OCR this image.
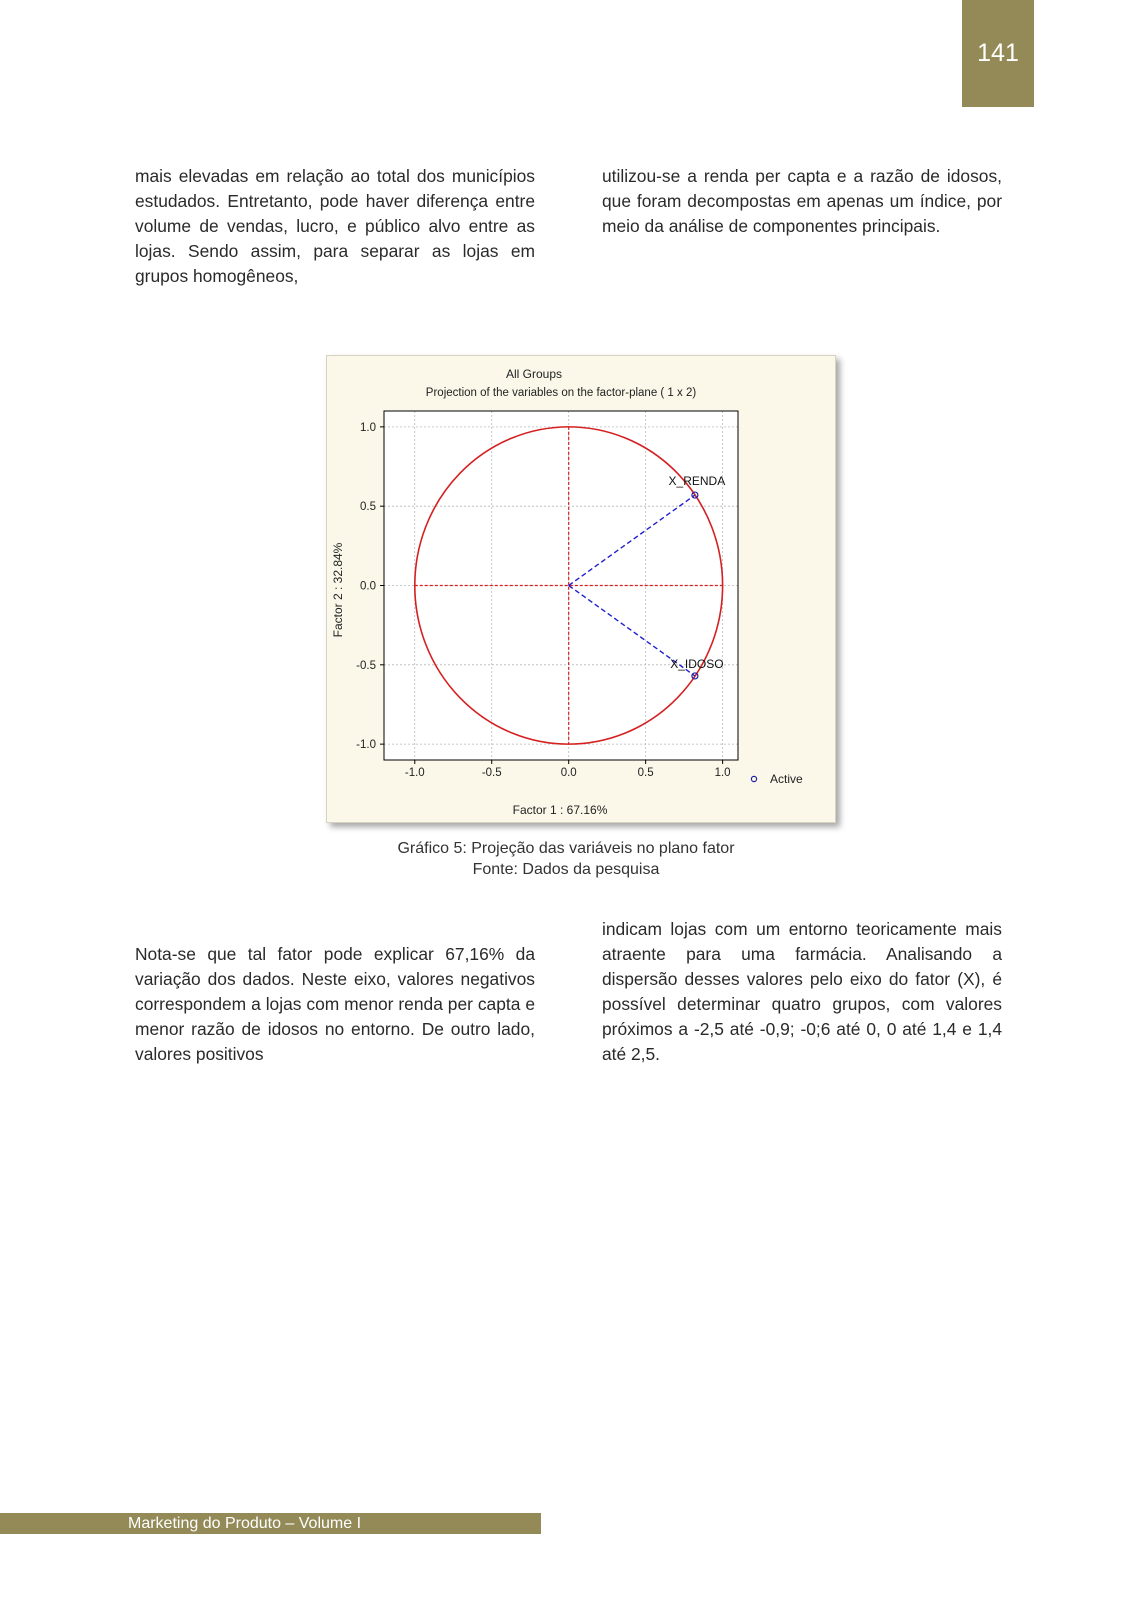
141

mais elevadas em relação ao total dos municípios estudados. Entretanto, pode haver diferença entre volume de vendas, lucro, e público alvo entre as lojas. Sendo assim, para separar as lojas em grupos homogêneos,

utilizou-se a renda per capta e a razão de idosos, que foram decompostas em apenas um índice, por meio da análise de componentes principais.

All Groups
Projection of the variables on the factor-plane ( 1 x 2)
Factor 1 : 67.16%
Factor 2 : 32.84%
-1.0	-0.5	0.0	0.5	1.0
1.0
0.5
0.0
-0.5
-1.0
X_RENDA
X_IDOSO
Active
Gráfico 5: Projeção das variáveis no plano fator
Fonte: Dados da pesquisa

Nota-se que tal fator pode explicar 67,16% da variação dos dados. Neste eixo, valores negativos correspondem a lojas com menor renda per capta e menor razão de idosos no entorno. De outro lado, valores positivos

indicam lojas com um entorno teoricamente mais atraente para uma farmácia. Analisando a dispersão desses valores pelo eixo do fator (X), é possível determinar quatro grupos, com valores próximos a -2,5 até -0,9; -0;6 até 0, 0 até 1,4 e 1,4 até 2,5.

Marketing do Produto – Volume I
